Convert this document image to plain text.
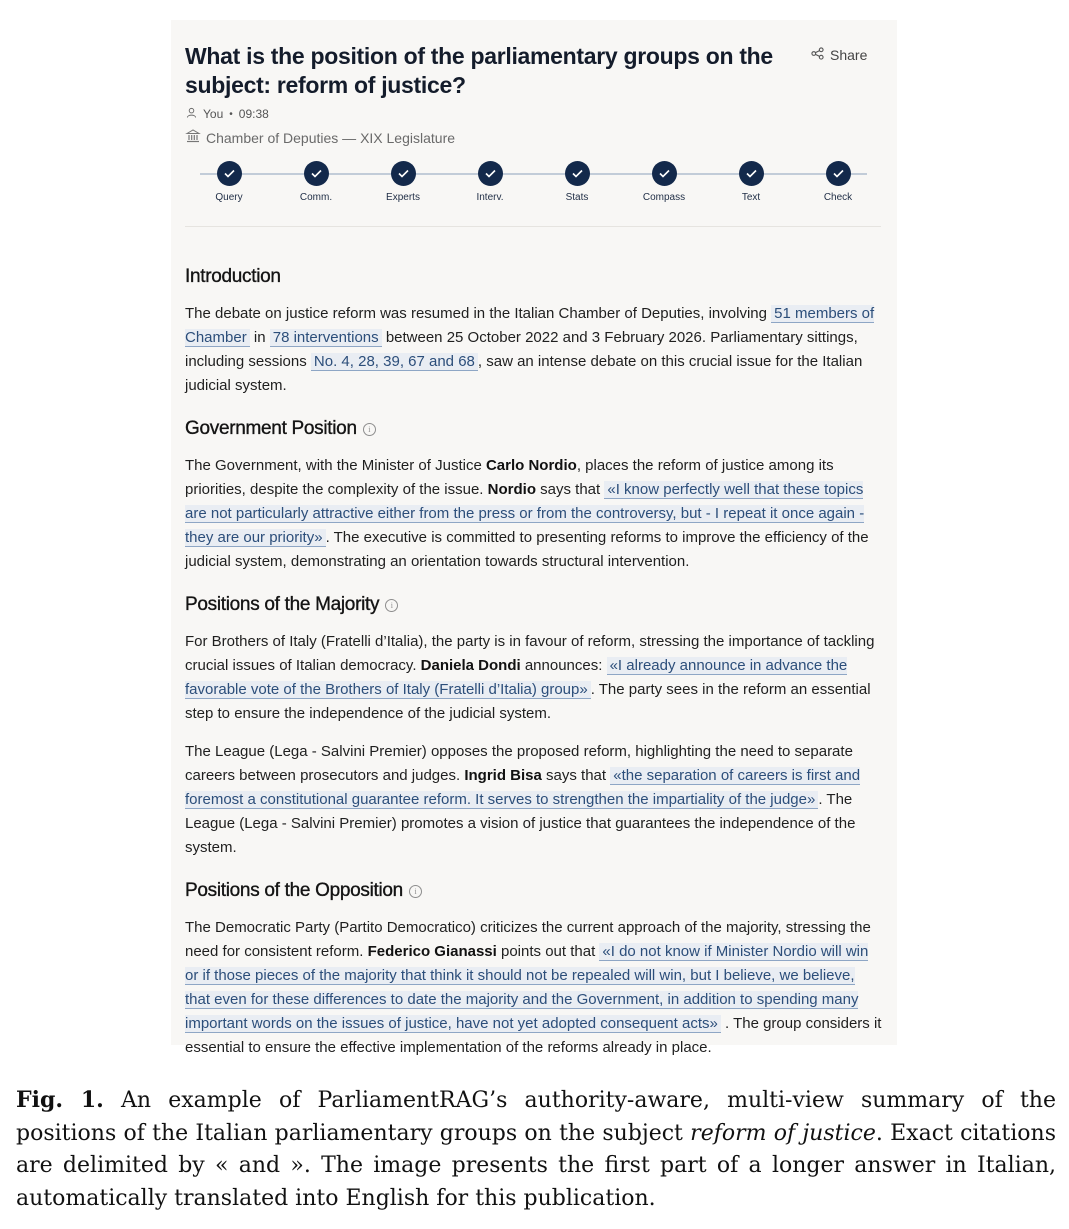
What is the position of the parliamentary groups on the subject: reform of justice?
Share
You • 09:38
Chamber of Deputies — XIX Legislature
Query	Comm.	Experts	Interv.	Stats	Compass	Text	Check
Introduction

The debate on justice reform was resumed in the Italian Chamber of Deputies, involving 51 members of Chamber in 78 interventions between 25 October 2022 and 3 February 2026. Parliamentary sittings, including sessions No. 4, 28, 39, 67 and 68 , saw an intense debate on this crucial issue for the Italian judicial system.

Government Position i

The Government, with the Minister of Justice Carlo Nordio, places the reform of justice among its priorities, despite the complexity of the issue. Nordio says that «I know perfectly well that these topics are not particularly attractive either from the press or from the controversy, but - I repeat it once again - they are our priority» . The executive is committed to presenting reforms to improve the efficiency of the judicial system, demonstrating an orientation towards structural intervention.

Positions of the Majority i

For Brothers of Italy (Fratelli d’Italia), the party is in favour of reform, stressing the importance of tackling crucial issues of Italian democracy. Daniela Dondi announces: «I already announce in advance the favorable vote of the Brothers of Italy (Fratelli d’Italia) group» . The party sees in the reform an essential step to ensure the independence of the judicial system.

The League (Lega - Salvini Premier) opposes the proposed reform, highlighting the need to separate careers between prosecutors and judges. Ingrid Bisa says that «the separation of careers is first and foremost a constitutional guarantee reform. It serves to strengthen the impartiality of the judge» . The League (Lega - Salvini Premier) promotes a vision of justice that guarantees the independence of the system.

Positions of the Opposition i

The Democratic Party (Partito Democratico) criticizes the current approach of the majority, stressing the need for consistent reform. Federico Gianassi points out that «I do not know if Minister Nordio will win or if those pieces of the majority that think it should not be repealed will win, but I believe, we believe, that even for these differences to date the majority and the Government, in addition to spending many important words on the issues of justice, have not yet adopted consequent acts» . The group considers it essential to ensure the effective implementation of the reforms already in place.

Fig. 1. An example of ParliamentRAG’s authority-aware, multi-view summary of the positions of the Italian parliamentary groups on the subject reform of justice. Exact citations are delimited by « and ». The image presents the first part of a longer answer in Italian, automatically translated into English for this publication.
